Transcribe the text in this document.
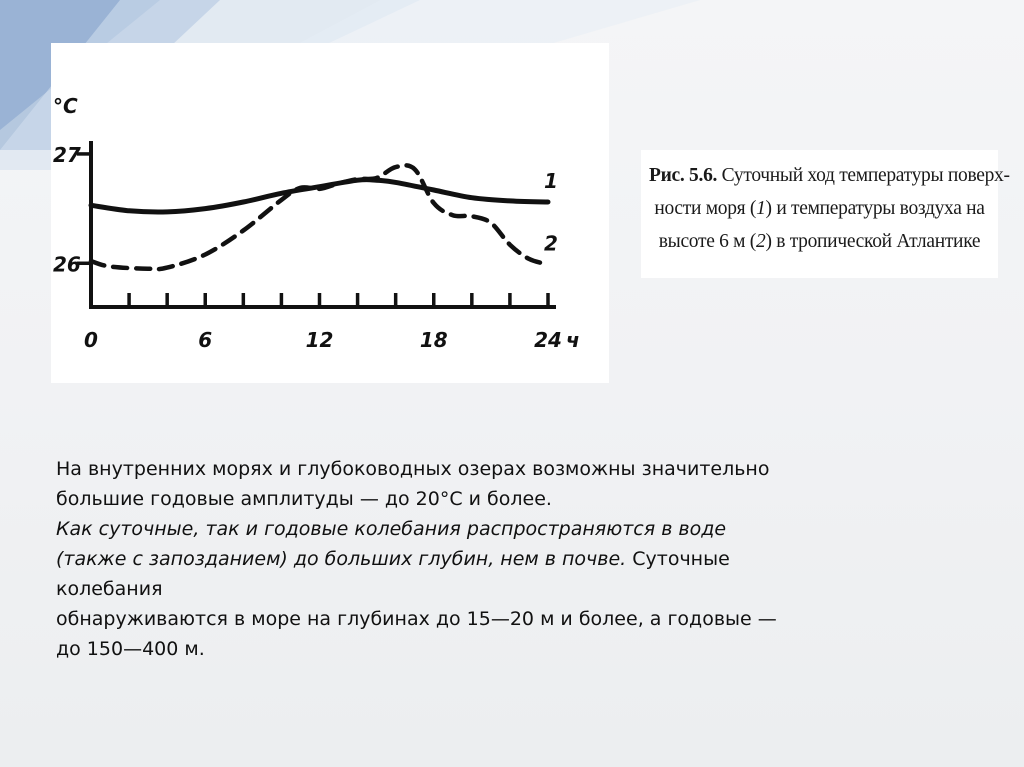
26
27
°C
0	6	12	18	24 ч
1
2
Рис. 5.6. Суточный ход температуры поверх-
ности моря (1) и температуры воздуха на
высоте 6 м (2) в тропической Атлантике
На внутренних морях и глубоководных озерах возможны значительно
большие годовые амплитуды — до 20°С и более.
Как суточные, так и годовые колебания распространяются в воде
(также с запозданием) до больших глубин, нем в почве. Суточные
колебания
обнаруживаются в море на глубинах до 15—20 м и более, а годовые —
до 150—400 м.
